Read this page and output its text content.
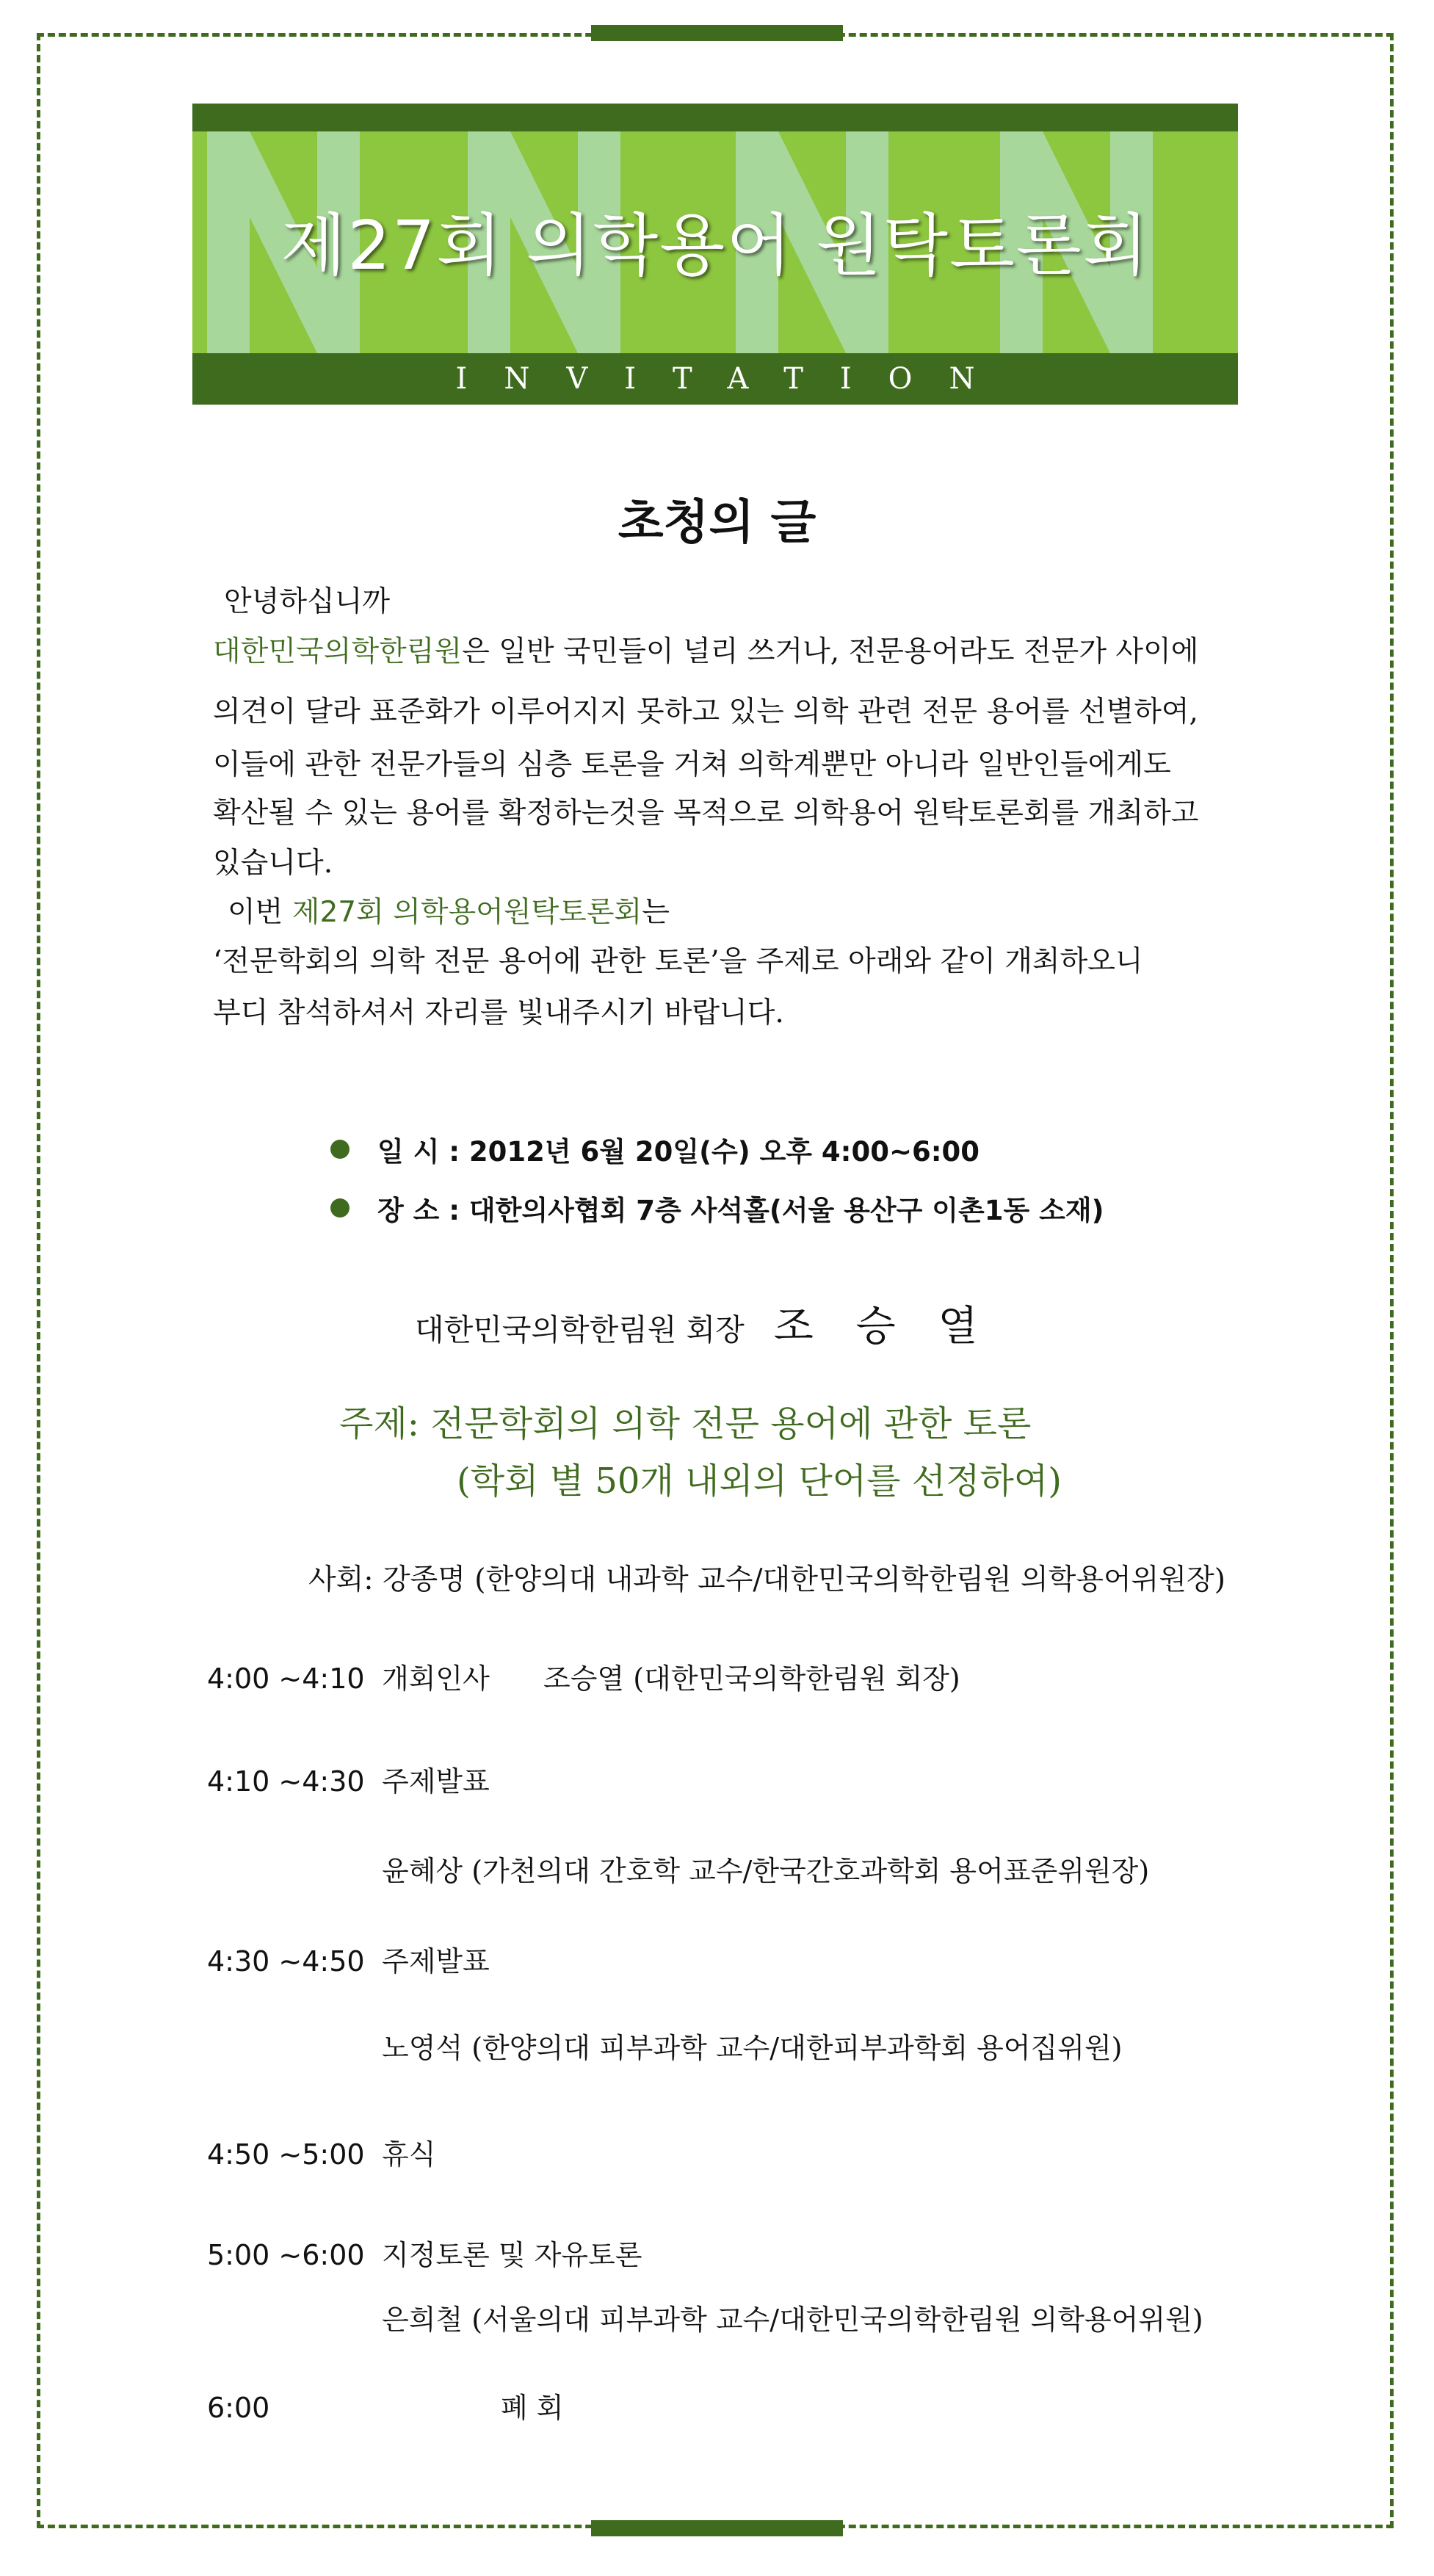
제27회 의학용어 원탁토론회
INVITATION
초청의 글
안녕하십니까
대한민국의학한림원은 일반 국민들이 널리 쓰거나, 전문용어라도 전문가 사이에
의견이 달라 표준화가 이루어지지 못하고 있는 의학 관련 전문 용어를 선별하여,
이들에 관한 전문가들의 심층 토론을 거쳐 의학계뿐만 아니라 일반인들에게도
확산될 수 있는 용어를 확정하는것을 목적으로 의학용어 원탁토론회를 개최하고
있습니다.
이번 제27회 의학용어원탁토론회는
‘전문학회의 의학 전문 용어에 관한 토론’을 주제로 아래와 같이 개최하오니
부디 참석하셔서 자리를 빛내주시기 바랍니다.
일 시 : 2012년 6월 20일(수) 오후 4:00~6:00
장 소 : 대한의사협회 7층 사석홀(서울 용산구 이촌1동 소재)
대한민국의학한림원 회장 조 승 열
주제: 전문학회의 의학 전문 용어에 관한 토론
(학회 별 50개 내외의 단어를 선정하여)
사회: 강종명 (한양의대 내과학 교수/대한민국의학한림원 의학용어위원장)
4:00 ~4:10 개회인사 조승열 (대한민국의학한림원 회장)
4:10 ~4:30 주제발표
윤혜상 (가천의대 간호학 교수/한국간호과학회 용어표준위원장)
4:30 ~4:50 주제발표
노영석 (한양의대 피부과학 교수/대한피부과학회 용어집위원)
4:50 ~5:00 휴식
5:00 ~6:00 지정토론 및 자유토론
은희철 (서울의대 피부과학 교수/대한민국의학한림원 의학용어위원)
6:00	폐 회
